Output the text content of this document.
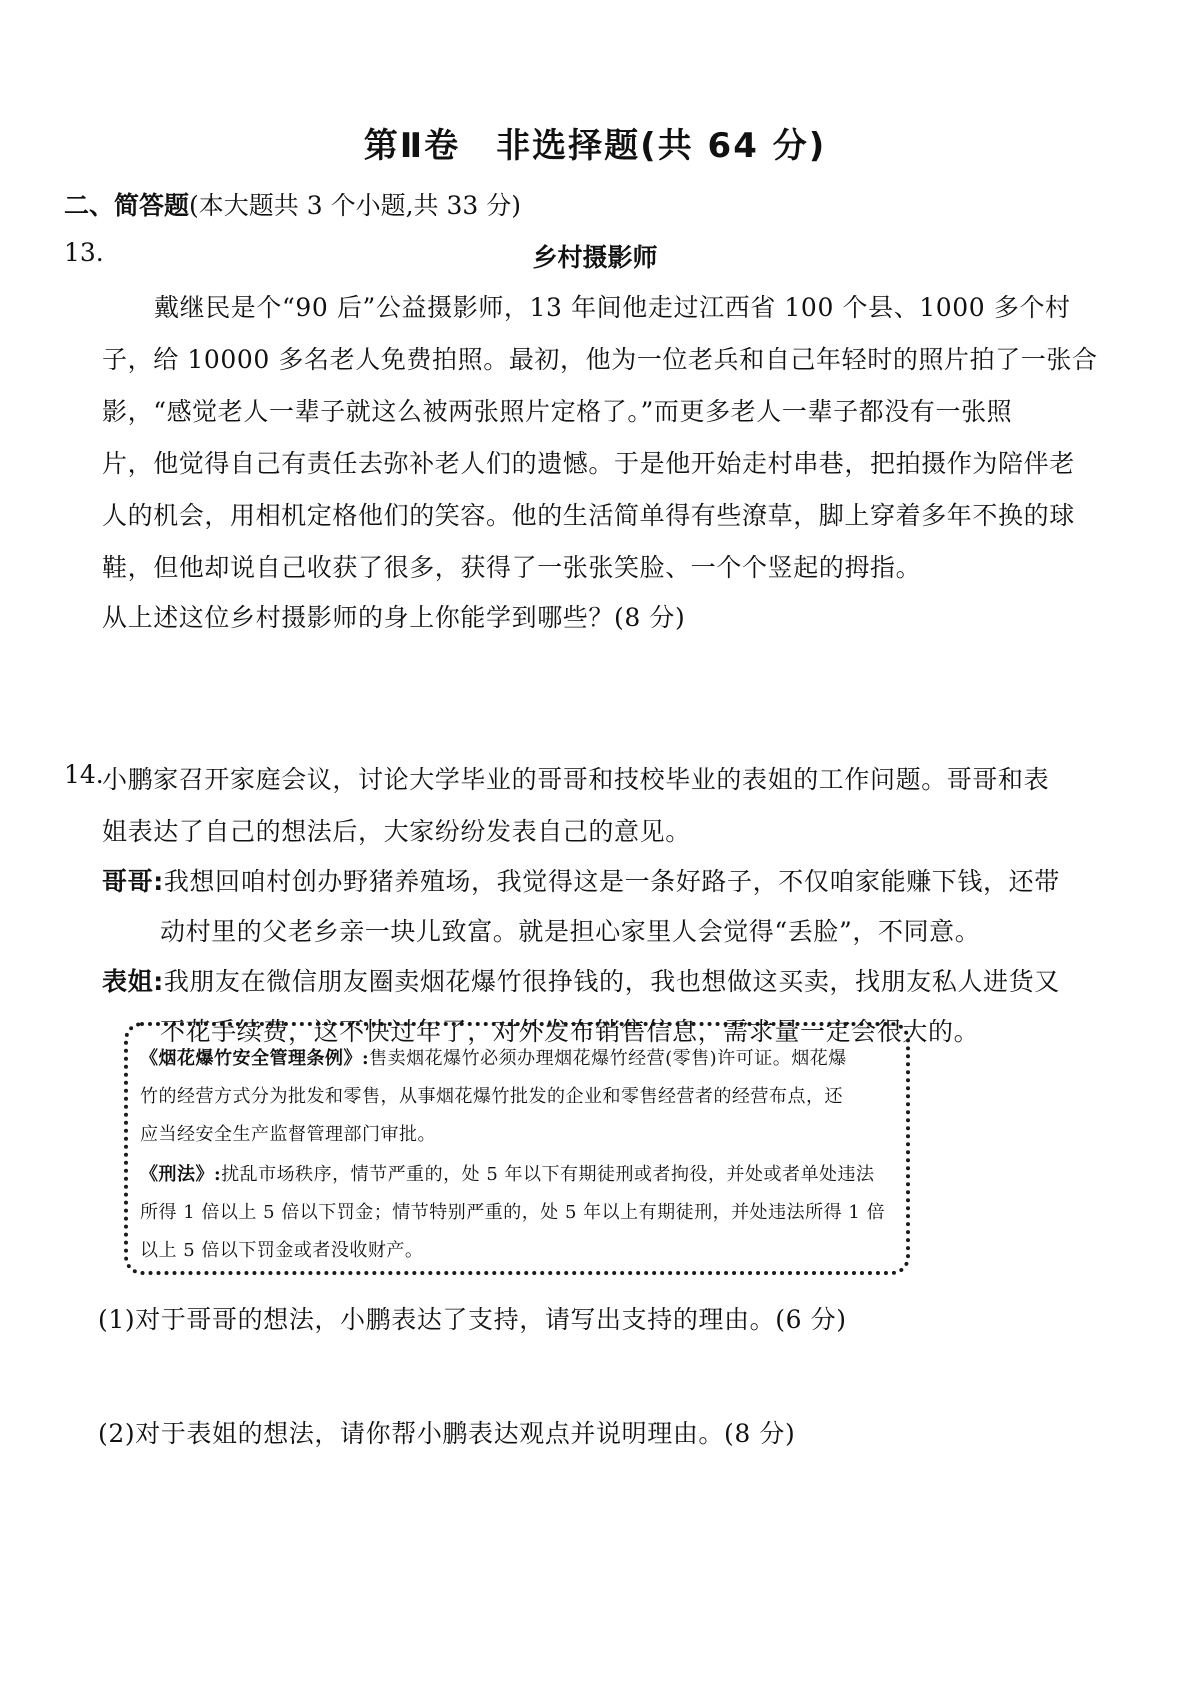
第Ⅱ卷　非选择题(共 64 分)
二、简答题(本大题共 3 个小题,共 33 分)
13.	乡村摄影师
戴继民是个“90 后”公益摄影师，13 年间他走过江西省 100 个县、1000 多个村
子，给 10000 多名老人免费拍照。最初，他为一位老兵和自己年轻时的照片拍了一张合
影，“感觉老人一辈子就这么被两张照片定格了。”而更多老人一辈子都没有一张照
片，他觉得自己有责任去弥补老人们的遗憾。于是他开始走村串巷，把拍摄作为陪伴老
人的机会，用相机定格他们的笑容。他的生活简单得有些潦草，脚上穿着多年不换的球
鞋，但他却说自己收获了很多，获得了一张张笑脸、一个个竖起的拇指。
从上述这位乡村摄影师的身上你能学到哪些？(8 分)
14.
小鹏家召开家庭会议，讨论大学毕业的哥哥和技校毕业的表姐的工作问题。哥哥和表
姐表达了自己的想法后，大家纷纷发表自己的意见。
哥哥:我想回咱村创办野猪养殖场，我觉得这是一条好路子，不仅咱家能赚下钱，还带
动村里的父老乡亲一块儿致富。就是担心家里人会觉得“丢脸”，不同意。
表姐:我朋友在微信朋友圈卖烟花爆竹很挣钱的，我也想做这买卖，找朋友私人进货又
不花手续费，这不快过年了，对外发布销售信息，需求量一定会很大的。
《烟花爆竹安全管理条例》:售卖烟花爆竹必须办理烟花爆竹经营(零售)许可证。烟花爆
竹的经营方式分为批发和零售，从事烟花爆竹批发的企业和零售经营者的经营布点，还
应当经安全生产监督管理部门审批。
《刑法》:扰乱市场秩序，情节严重的，处 5 年以下有期徒刑或者拘役，并处或者单处违法
所得 1 倍以上 5 倍以下罚金；情节特别严重的，处 5 年以上有期徒刑，并处违法所得 1 倍
以上 5 倍以下罚金或者没收财产。
(1)对于哥哥的想法，小鹏表达了支持，请写出支持的理由。(6 分)
(2)对于表姐的想法，请你帮小鹏表达观点并说明理由。(8 分)
